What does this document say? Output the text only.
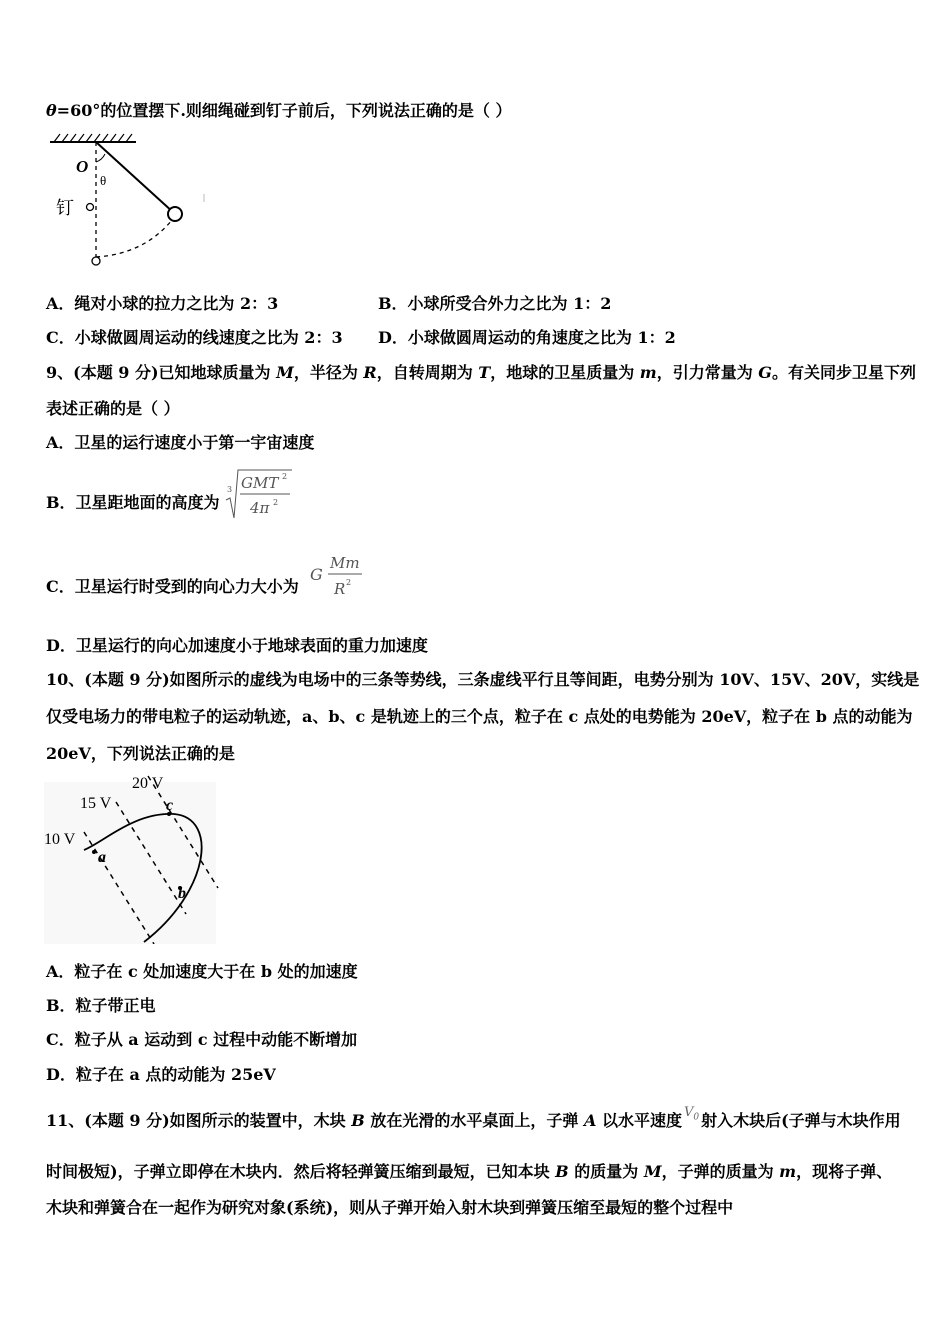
θ=60°的位置摆下.则细绳碰到钉子前后，下列说法正确的是（ ）
O
θ
钉
A．绳对小球的拉力之比为 2：3	B．小球所受合外力之比为 1：2
C．小球做圆周运动的线速度之比为 2：3 D．小球做圆周运动的角速度之比为 1：2
9、(本题 9 分)已知地球质量为 M，半径为 R，自转周期为 T，地球的卫星质量为 m，引力常量为 G。有关同步卫星下列
表述正确的是（ ）
A．卫星的运行速度小于第一宇宙速度
B．卫星距地面的高度为
3 GMT 2
4π 2
C．卫星运行时受到的向心力大小为
G
Mm
R 2
D．卫星运行的向心加速度小于地球表面的重力加速度
10、(本题 9 分)如图所示的虚线为电场中的三条等势线，三条虚线平行且等间距，电势分别为 10V、15V、20V，实线是
仅受电场力的带电粒子的运动轨迹，a、b、c 是轨迹上的三个点，粒子在 c 点处的电势能为 20eV，粒子在 b 点的动能为
20eV，下列说法正确的是
20 V
15 V
10 V
a
c
b
A．粒子在 c 处加速度大于在 b 处的加速度
B．粒子带正电
C．粒子从 a 运动到 c 过程中动能不断增加
D．粒子在 a 点的动能为 25eV
11、(本题 9 分)如图所示的装置中，木块 B 放在光滑的水平桌面上，子弹 A 以水平速度 $^{V_0}$ 射入木块后(子弹与木块作用
时间极短)，子弹立即停在木块内．然后将轻弹簧压缩到最短，已知本块 B 的质量为 M，子弹的质量为 m，现将子弹、
木块和弹簧合在一起作为研究对象(系统)，则从子弹开始入射木块到弹簧压缩至最短的整个过程中
